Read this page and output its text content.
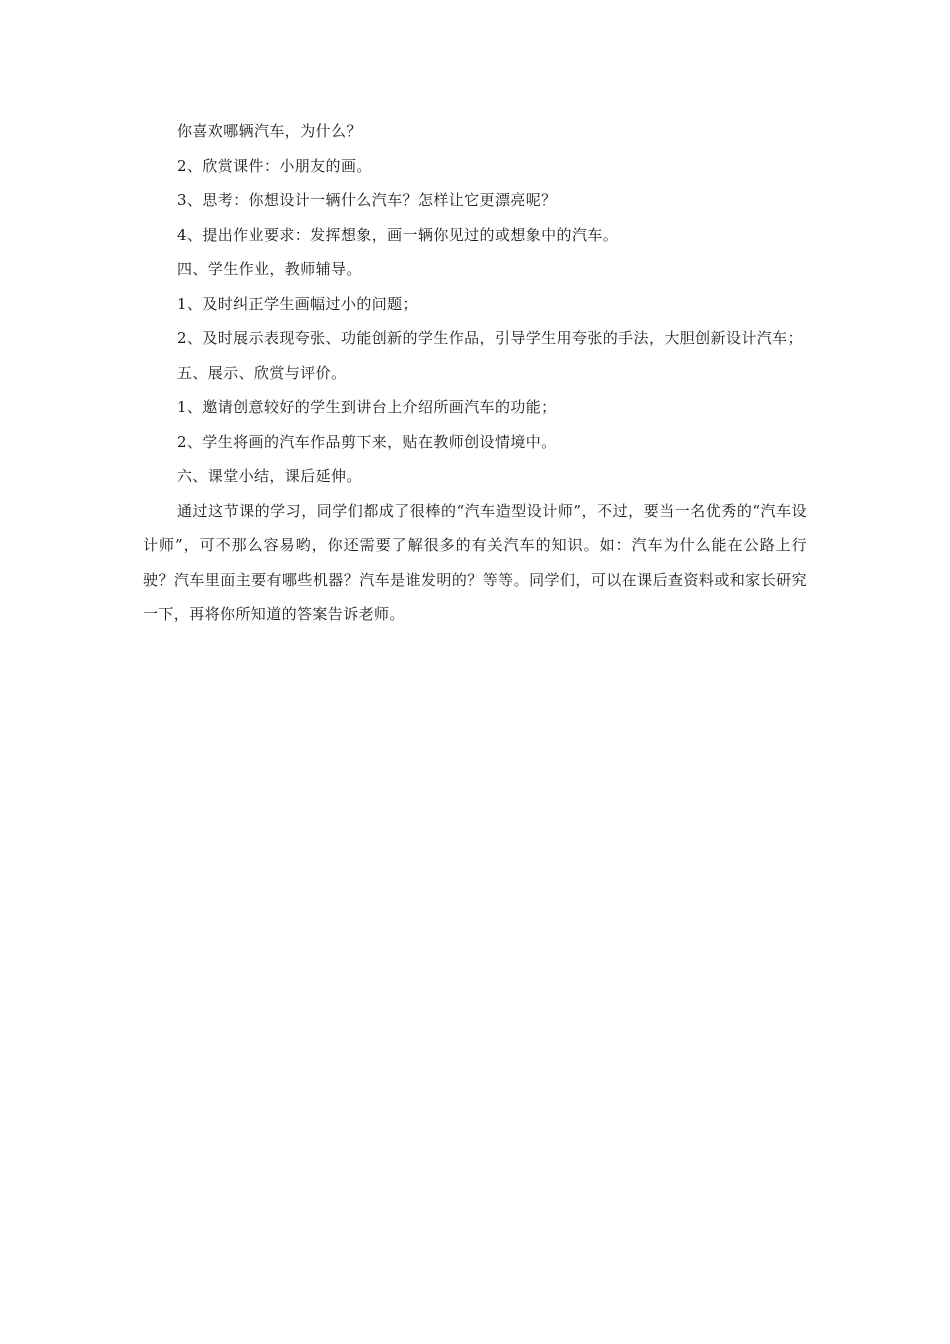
你喜欢哪辆汽车，为什么？

2、欣赏课件：小朋友的画。

3、思考：你想设计一辆什么汽车？怎样让它更漂亮呢？

4、提出作业要求：发挥想象，画一辆你见过的或想象中的汽车。

四、学生作业，教师辅导。

1、及时纠正学生画幅过小的问题；

2、及时展示表现夸张、功能创新的学生作品，引导学生用夸张的手法，大胆创新设计汽车；

五、展示、欣赏与评价。

1、邀请创意较好的学生到讲台上介绍所画汽车的功能；

2、学生将画的汽车作品剪下来，贴在教师创设情境中。

六、课堂小结，课后延伸。

通过这节课的学习，同学们都成了很棒的“汽车造型设计师”，不过，要当一名优秀的“汽车设计师”，可不那么容易哟，你还需要了解很多的有关汽车的知识。如：汽车为什么能在公路上行驶？汽车里面主要有哪些机器？汽车是谁发明的？等等。同学们，可以在课后查资料或和家长研究一下，再将你所知道的答案告诉老师。
